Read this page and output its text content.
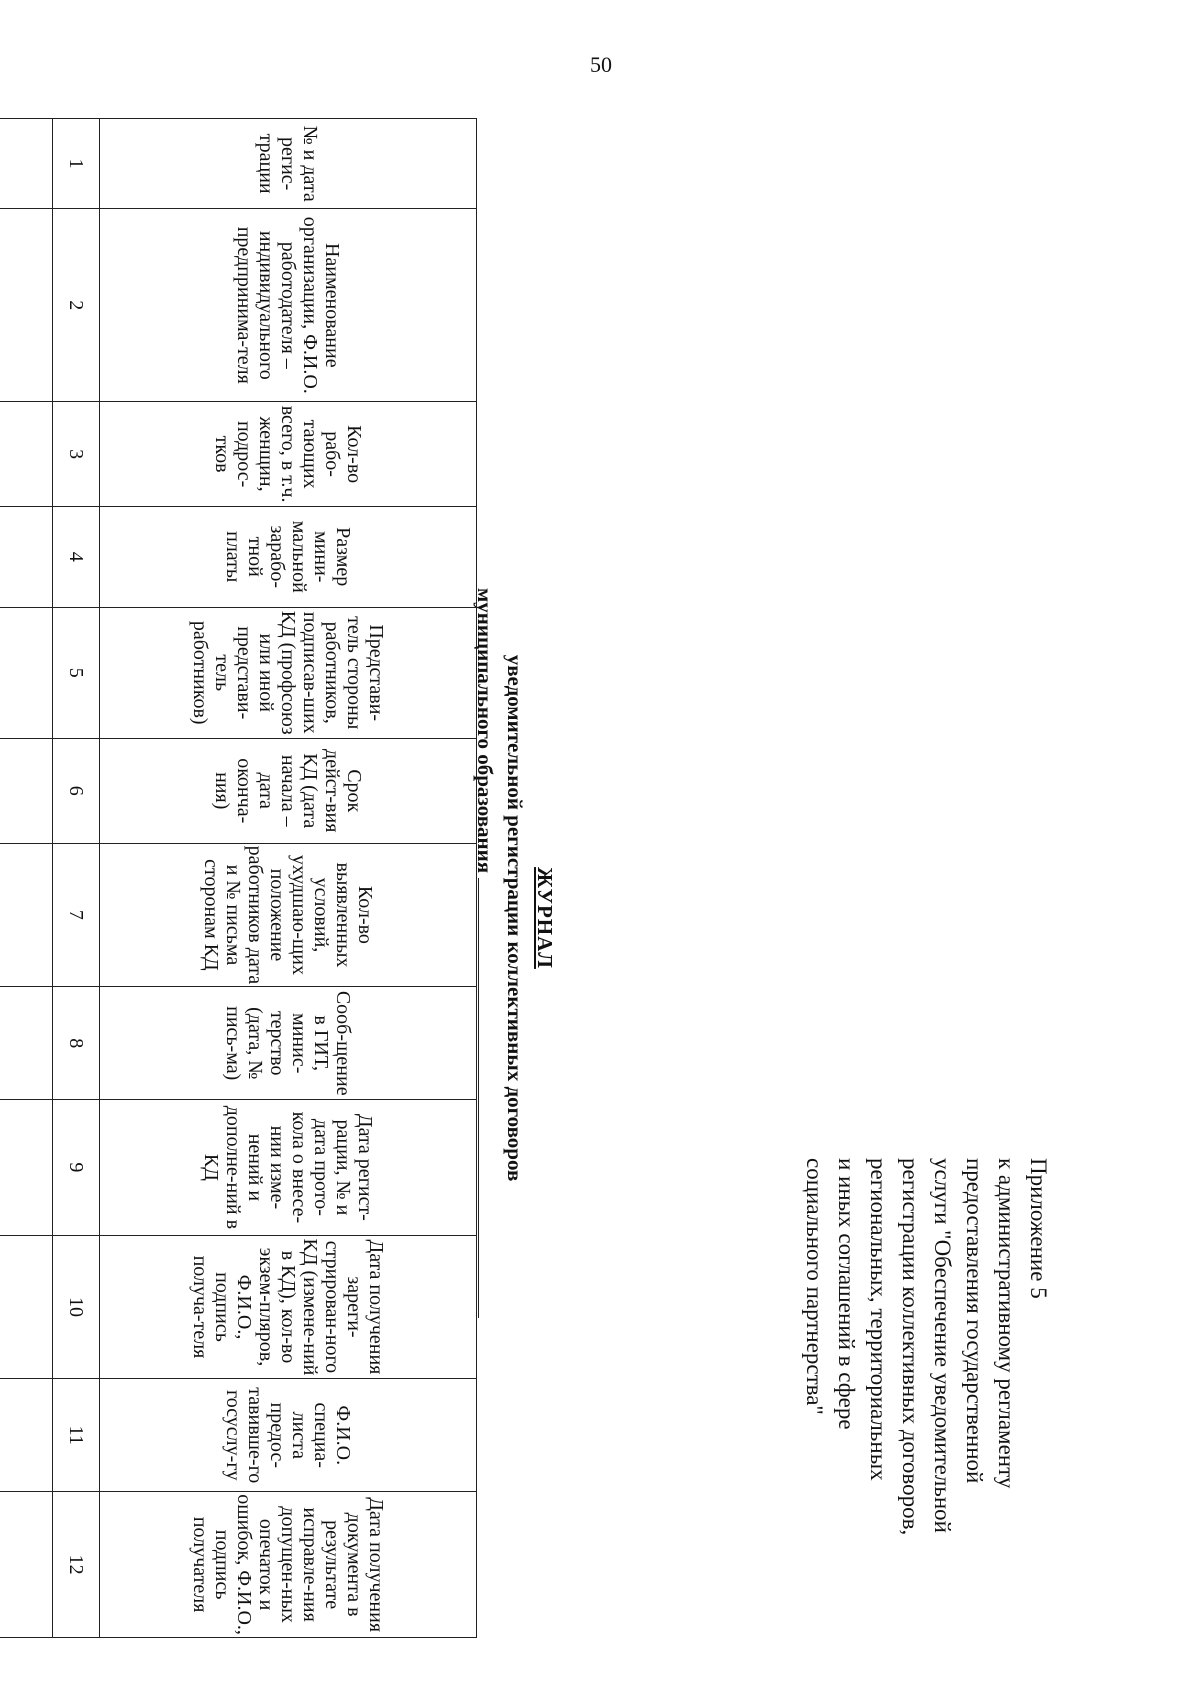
50
Приложение 5
к административному регламенту
предоставления государственной
услуги "Обеспечение уведомительной
регистрации коллективных договоров,
региональных, территориальных
и иных соглашений в сфере
социального партнерства"
ЖУРНАЛ
уведомительной регистрации коллективных договоров
муниципального образования
№ и дата регис-трации	Наименование организации, Ф.И.О. работодателя – индивидуального предпринима-теля	Кол-во рабо-тающих всего, в т.ч. женщин, подрос-тков	Размер мини-мальной зарабо-тной платы	Представи-тель стороны работников, подписав-ших КД (профсоюз или иной представи-тель работников)	Срок дейст-вия КД (дата начала – дата оконча-ния)	Кол-во выявленных условий, ухудшаю-щих положение работников дата и № письма сторонам КД	Сооб-щение в ГИТ, минис-терство (дата, № пись-ма)	Дата регист-рации, № и дата прото-кола о внесе-нии изме-нений и дополне-ний в КД	Дата получения зареги-стрирован-ного КД (измене-ний в КД), кол-во экзем-пляров, Ф.И.О., подпись получа-теля	Ф.И.О. специа-листа предос-тавивше-го госуслу-гу	Дата получения документа в результате исправле-ния допущен-ных опечаток и ошибок, Ф.И.О., подпись получателя
1	2	3	4	5	6	7	8	9	10	11	12
